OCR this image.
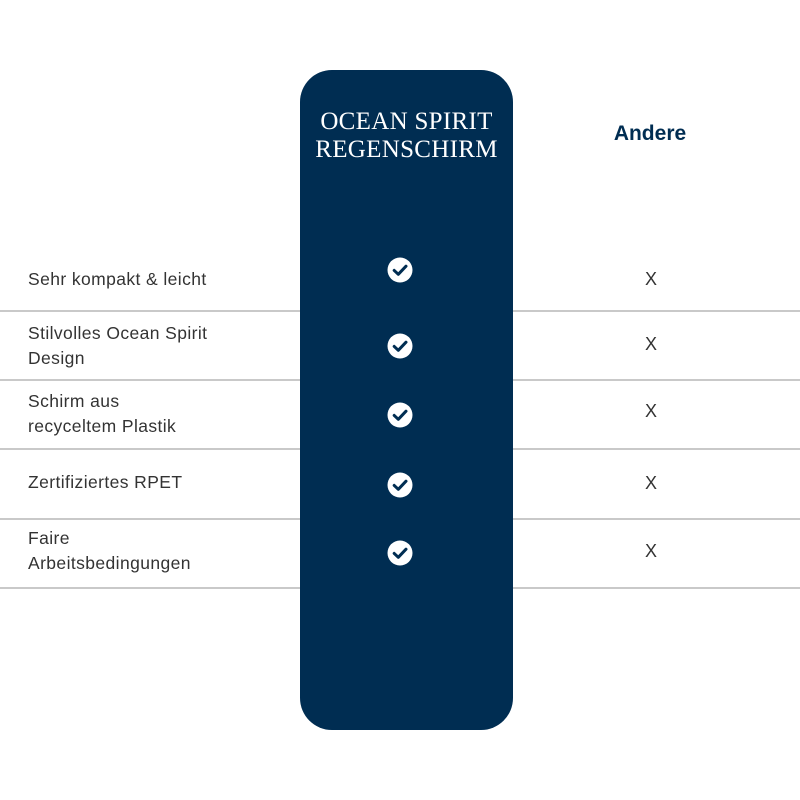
OCEAN SPIRIT
REGENSCHIRM
Andere
Sehr kompakt & leicht	X
Stilvolles Ocean Spirit
Design
X
Schirm aus
recyceltem Plastik
X
Zertifiziertes RPET	X
Faire
Arbeitsbedingungen
X
